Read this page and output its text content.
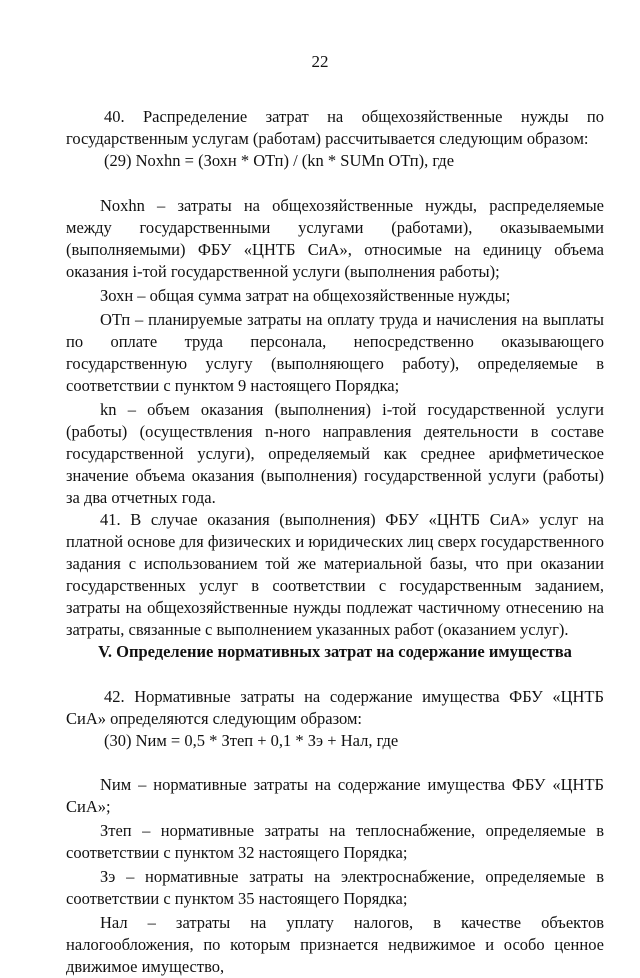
22

40. Распределение затрат на общехозяйственные нужды по государственным услугам (работам) рассчитывается следующим образом:

(29) Noxhn = (Зохн * ОТп) / (kn * SUMn ОТп), где

Noxhn – затраты на общехозяйственные нужды, распределяемые между государственными услугами (работами), оказываемыми (выполняемыми) ФБУ «ЦНТБ СиА», относимые на единицу объема оказания i-той государственной услуги (выполнения работы);

Зохн – общая сумма затрат на общехозяйственные нужды;

ОТп – планируемые затраты на оплату труда и начисления на выплаты по оплате труда персонала, непосредственно оказывающего государственную услугу (выполняющего работу), определяемые в соответствии с пунктом 9 настоящего Порядка;

kn – объем оказания (выполнения) i-той государственной услуги (работы) (осуществления n-ного направления деятельности в составе государственной услуги), определяемый как среднее арифметическое значение объема оказания (выполнения) государственной услуги (работы) за два отчетных года.

41. В случае оказания (выполнения) ФБУ «ЦНТБ СиА» услуг на платной основе для физических и юридических лиц сверх государственного задания с использованием той же материальной базы, что при оказании государственных услуг в соответствии с государственным заданием, затраты на общехозяйственные нужды подлежат частичному отнесению на затраты, связанные с выполнением указанных работ (оказанием услуг).

V. Определение нормативных затрат на содержание имущества

42. Нормативные затраты на содержание имущества ФБУ «ЦНТБ СиА» определяются следующим образом:

(30) Nим = 0,5 * Зтеп + 0,1 * Зэ + Нал, где

Nим – нормативные затраты на содержание имущества ФБУ «ЦНТБ СиА»;

Зтеп – нормативные затраты на теплоснабжение, определяемые в соответствии с пунктом 32 настоящего Порядка;

Зэ – нормативные затраты на электроснабжение, определяемые в соответствии с пунктом 35 настоящего Порядка;

Нал – затраты на уплату налогов, в качестве объектов налогообложения, по которым признается недвижимое и особо ценное движимое имущество,
